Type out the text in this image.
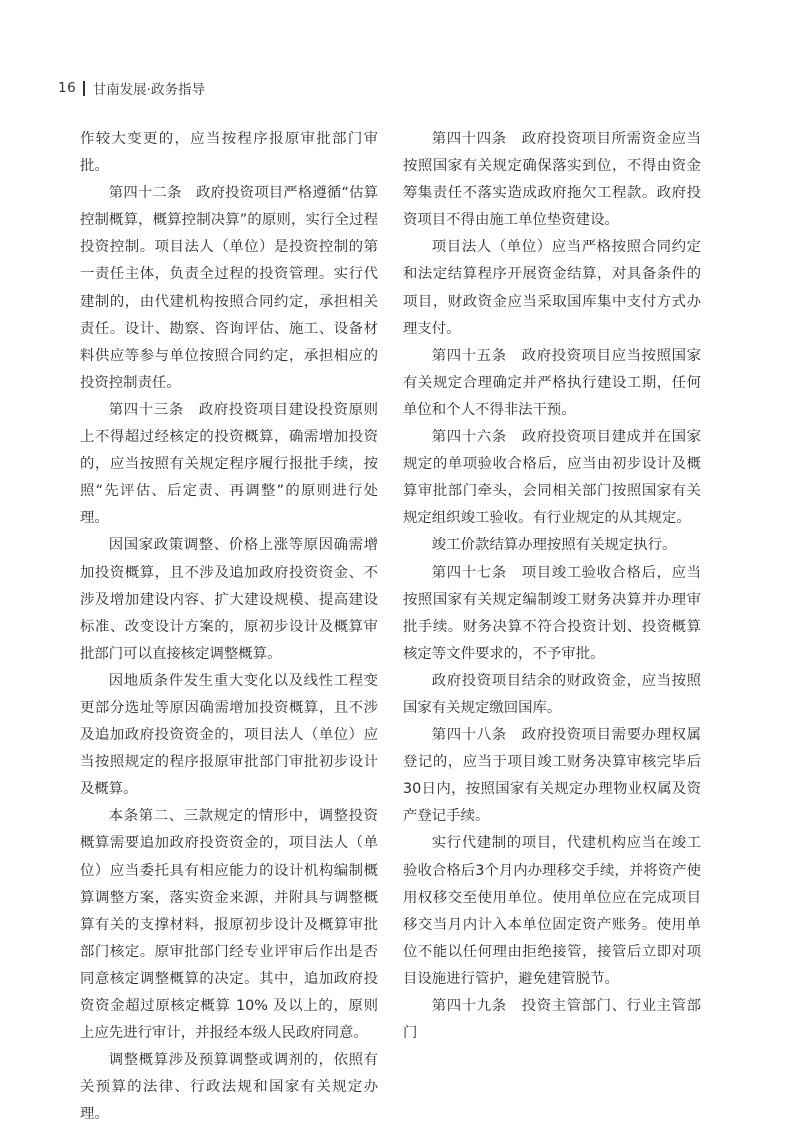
16 甘南发展·政务指导

作较大变更的，应当按程序报原审批部门审批。

第四十二条　政府投资项目严格遵循“估算控制概算，概算控制决算”的原则，实行全过程投资控制。项目法人（单位）是投资控制的第一责任主体，负责全过程的投资管理。实行代建制的，由代建机构按照合同约定，承担相关责任。设计、勘察、咨询评估、施工、设备材料供应等参与单位按照合同约定，承担相应的投资控制责任。

第四十三条　政府投资项目建设投资原则上不得超过经核定的投资概算，确需增加投资的，应当按照有关规定程序履行报批手续，按照“先评估、后定责、再调整”的原则进行处理。

因国家政策调整、价格上涨等原因确需增加投资概算，且不涉及追加政府投资资金、不涉及增加建设内容、扩大建设规模、提高建设标准、改变设计方案的，原初步设计及概算审批部门可以直接核定调整概算。

因地质条件发生重大变化以及线性工程变更部分选址等原因确需增加投资概算，且不涉及追加政府投资资金的，项目法人（单位）应当按照规定的程序报原审批部门审批初步设计及概算。

本条第二、三款规定的情形中，调整投资概算需要追加政府投资资金的，项目法人（单位）应当委托具有相应能力的设计机构编制概算调整方案，落实资金来源，并附具与调整概算有关的支撑材料，报原初步设计及概算审批部门核定。原审批部门经专业评审后作出是否同意核定调整概算的决定。其中，追加政府投资资金超过原核定概算 10% 及以上的，原则上应先进行审计，并报经本级人民政府同意。

调整概算涉及预算调整或调剂的，依照有关预算的法律、行政法规和国家有关规定办理。

第四十四条　政府投资项目所需资金应当按照国家有关规定确保落实到位，不得由资金筹集责任不落实造成政府拖欠工程款。政府投资项目不得由施工单位垫资建设。

项目法人（单位）应当严格按照合同约定和法定结算程序开展资金结算，对具备条件的项目，财政资金应当采取国库集中支付方式办理支付。

第四十五条　政府投资项目应当按照国家有关规定合理确定并严格执行建设工期，任何单位和个人不得非法干预。

第四十六条　政府投资项目建成并在国家规定的单项验收合格后，应当由初步设计及概算审批部门牵头，会同相关部门按照国家有关规定组织竣工验收。有行业规定的从其规定。

竣工价款结算办理按照有关规定执行。

第四十七条　项目竣工验收合格后，应当按照国家有关规定编制竣工财务决算并办理审批手续。财务决算不符合投资计划、投资概算核定等文件要求的，不予审批。

政府投资项目结余的财政资金，应当按照国家有关规定缴回国库。

第四十八条　政府投资项目需要办理权属登记的，应当于项目竣工财务决算审核完毕后30日内，按照国家有关规定办理物业权属及资产登记手续。

实行代建制的项目，代建机构应当在竣工验收合格后3个月内办理移交手续，并将资产使用权移交至使用单位。使用单位应在完成项目移交当月内计入本单位固定资产账务。使用单位不能以任何理由拒绝接管，接管后立即对项目设施进行管护，避免建管脱节。

第四十九条　投资主管部门、行业主管部门
